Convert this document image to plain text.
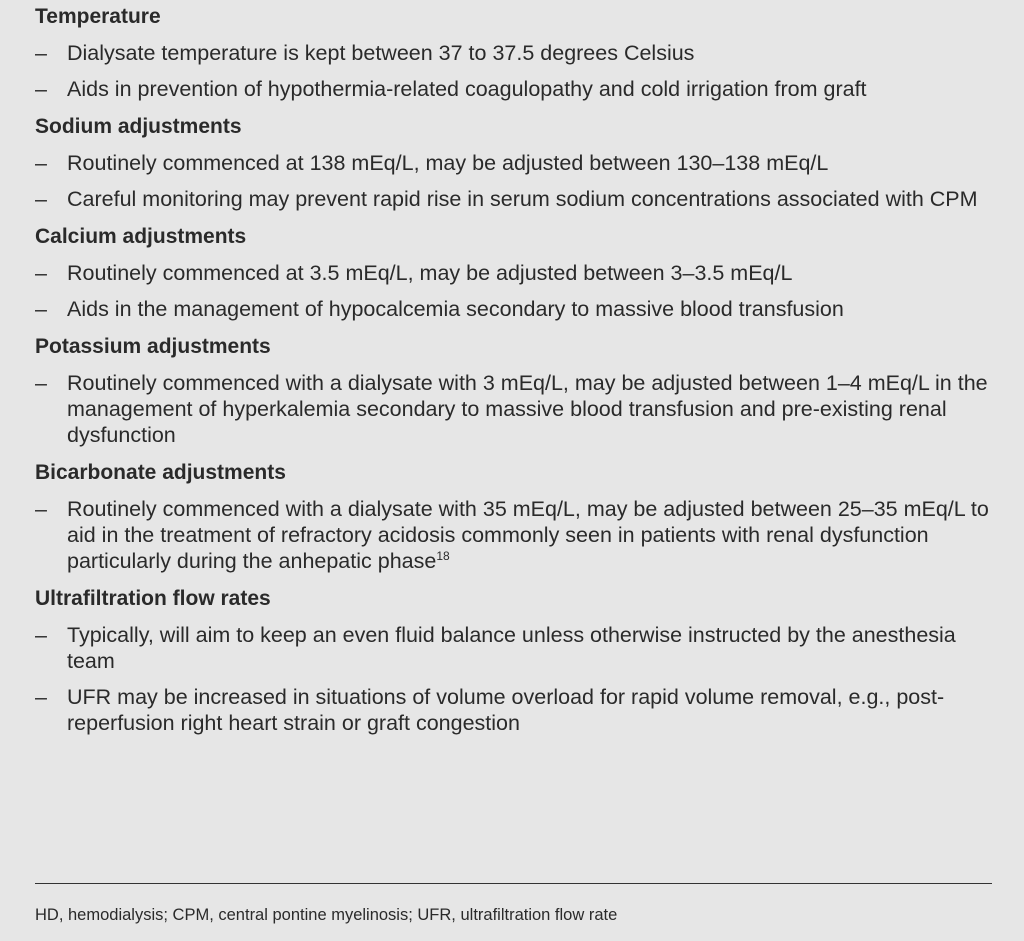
Temperature
– Dialysate temperature is kept between 37 to 37.5 degrees Celsius
– Aids in prevention of hypothermia-related coagulopathy and cold irrigation from graft
Sodium adjustments
– Routinely commenced at 138 mEq/L, may be adjusted between 130–138 mEq/L
– Careful monitoring may prevent rapid rise in serum sodium concentrations associated with CPM
Calcium adjustments
– Routinely commenced at 3.5 mEq/L, may be adjusted between 3–3.5 mEq/L
– Aids in the management of hypocalcemia secondary to massive blood transfusion
Potassium adjustments
– Routinely commenced with a dialysate with 3 mEq/L, may be adjusted between 1–4 mEq/L in the management of hyperkalemia secondary to massive blood transfusion and pre-existing renal dysfunction
Bicarbonate adjustments
– Routinely commenced with a dialysate with 35 mEq/L, may be adjusted between 25–35 mEq/L to aid in the treatment of refractory acidosis commonly seen in patients with renal dysfunction particularly during the anhepatic phase$^{18}$
Ultrafiltration flow rates
– Typically, will aim to keep an even fluid balance unless otherwise instructed by the anesthesia team
– UFR may be increased in situations of volume overload for rapid volume removal, e.g., post-reperfusion right heart strain or graft congestion
HD, hemodialysis; CPM, central pontine myelinosis; UFR, ultrafiltration flow rate
